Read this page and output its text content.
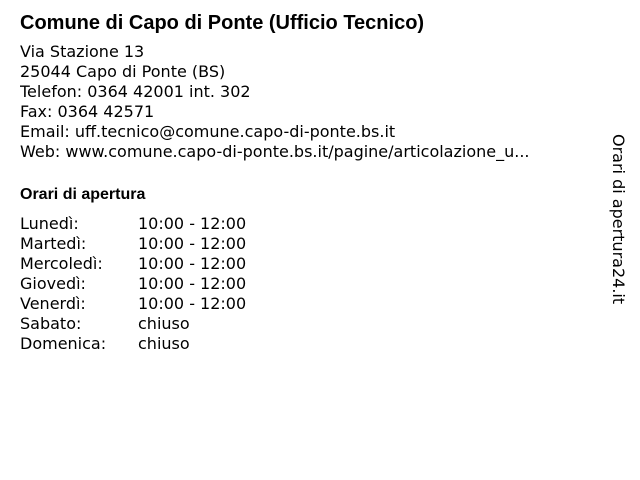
Comune di Capo di Ponte (Ufficio Tecnico)
Via Stazione 13
25044 Capo di Ponte (BS)
Telefon: 0364 42001 int. 302
Fax: 0364 42571
Email: uff.tecnico@comune.capo-di-ponte.bs.it
Web: www.comune.capo-di-ponte.bs.it/pagine/articolazione_u...
Orari di apertura
Lunedì:	10:00 - 12:00
Martedì:	10:00 - 12:00
Mercoledì:	10:00 - 12:00
Giovedì:	10:00 - 12:00
Venerdì:	10:00 - 12:00
Sabato:	chiuso
Domenica:	chiuso
Orari di apertura24.it
